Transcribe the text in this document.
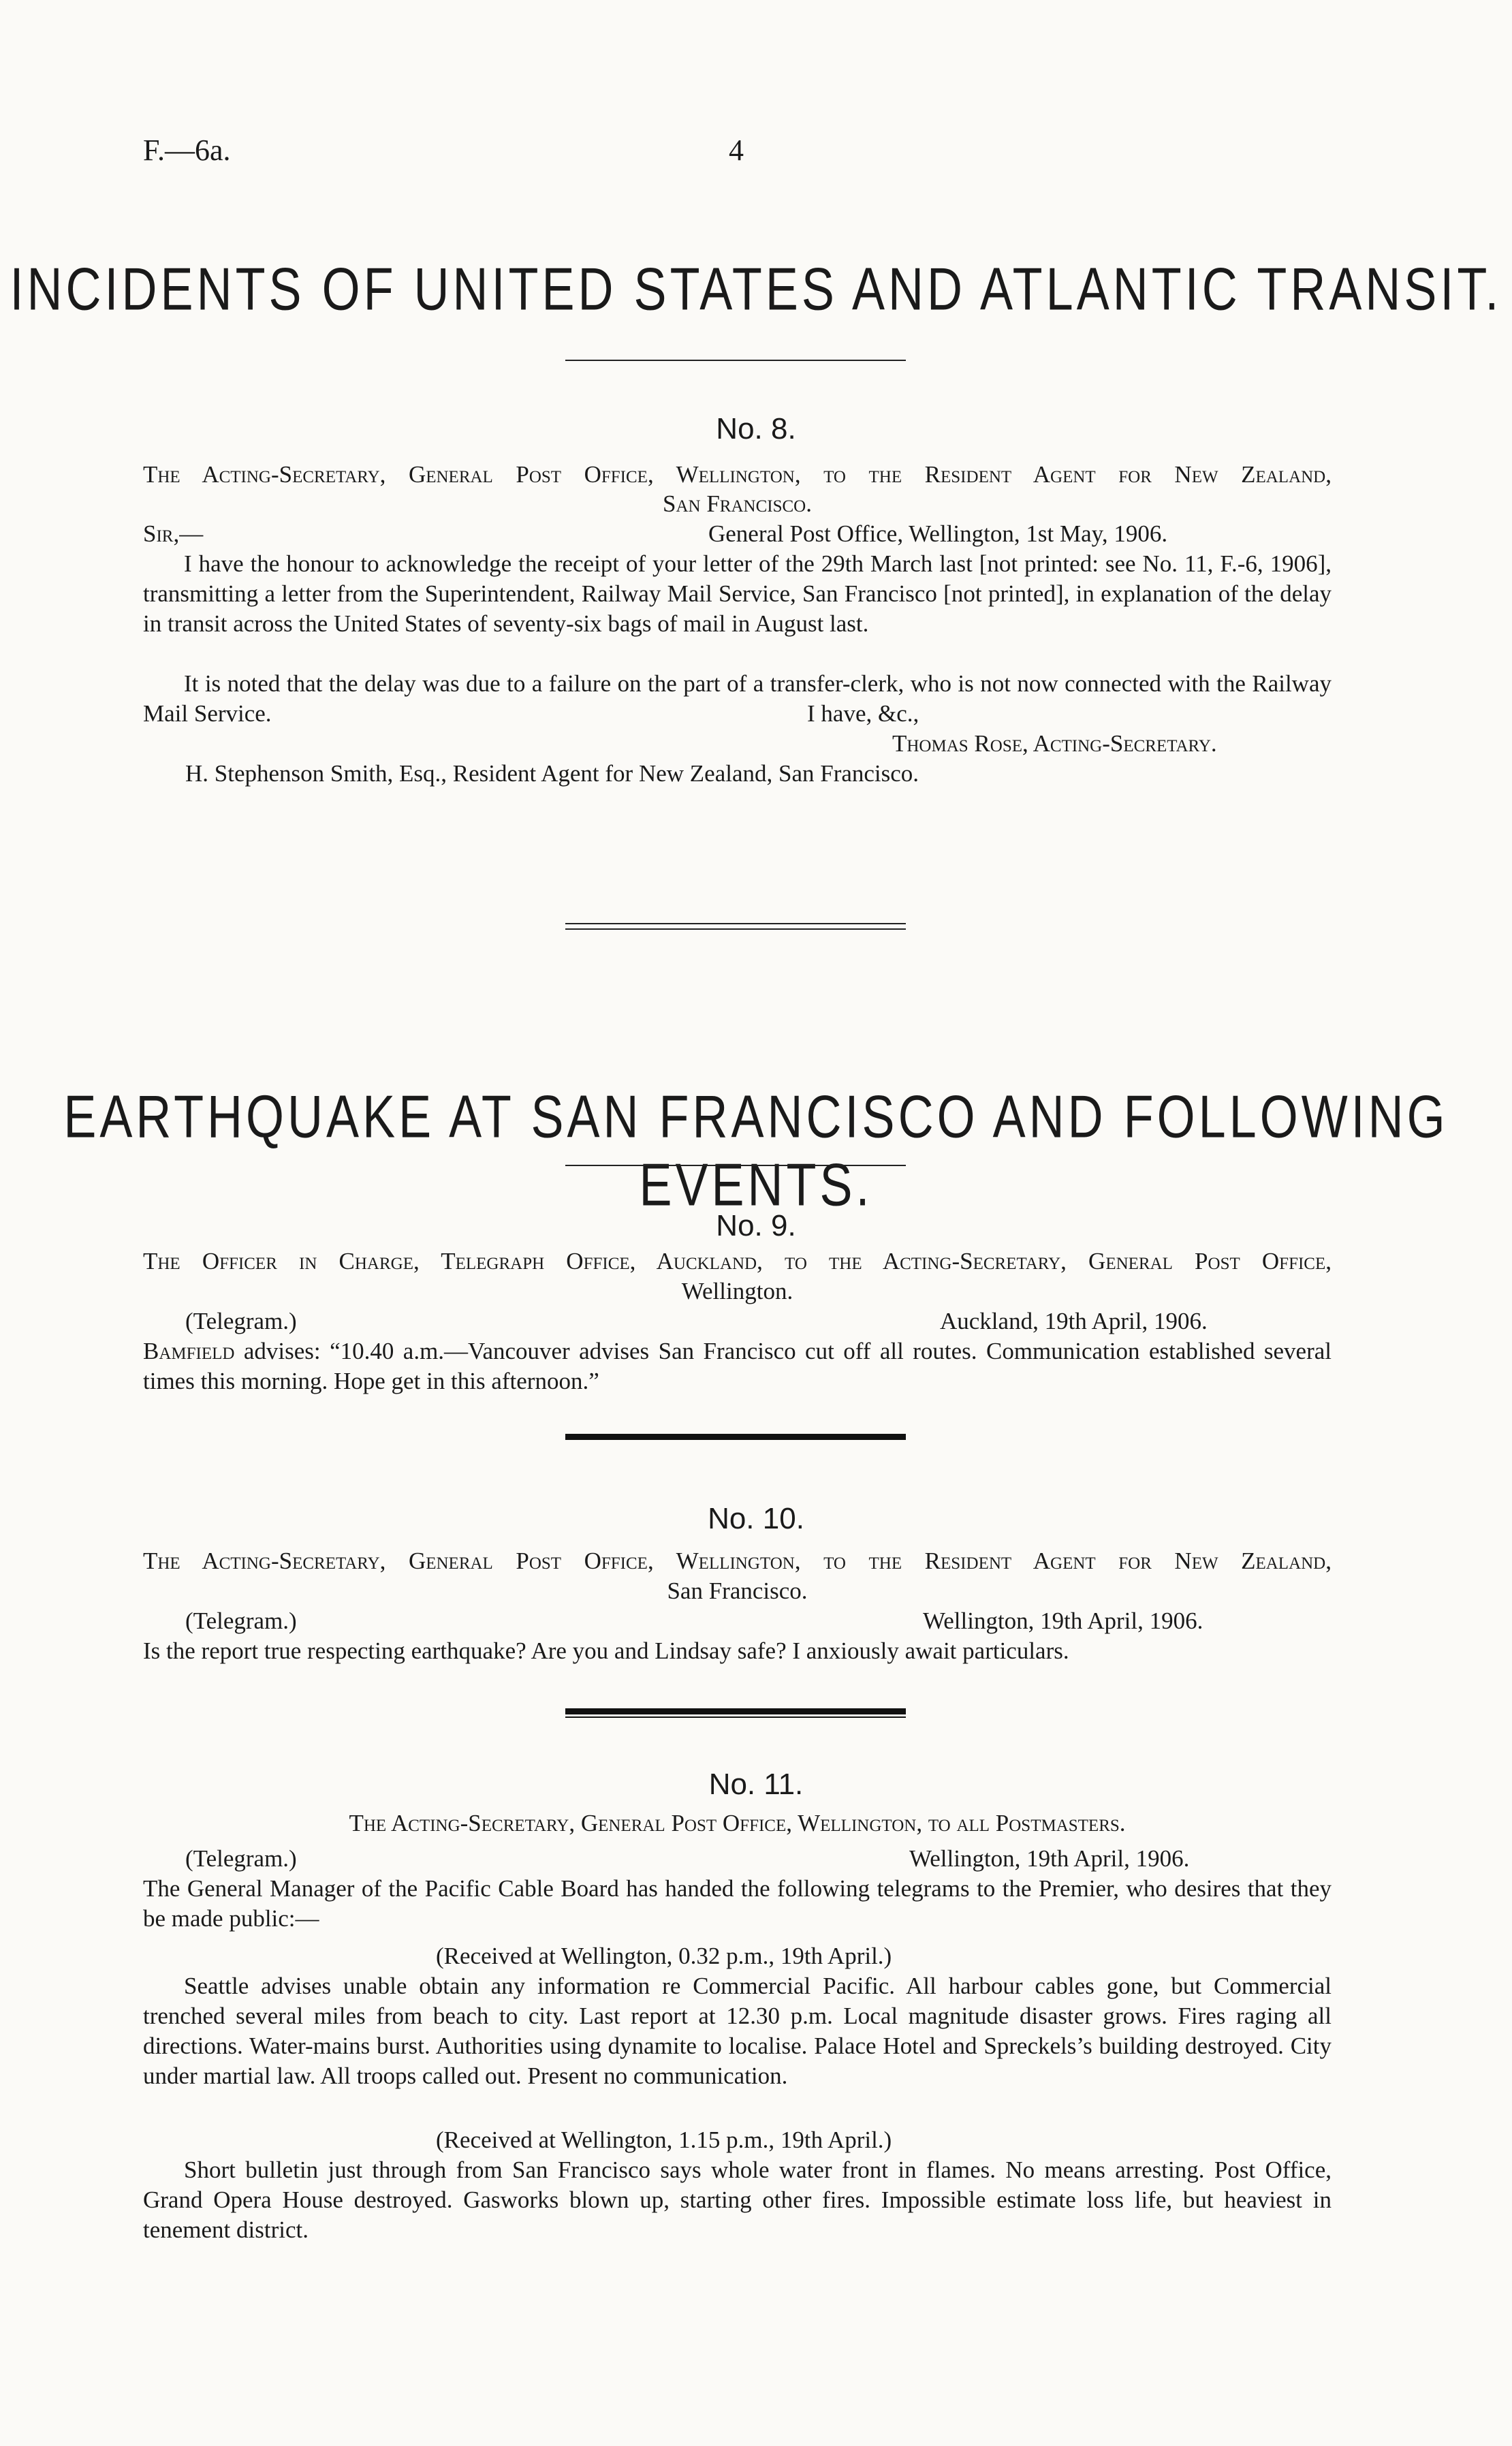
F.—6a.	4
INCIDENTS OF UNITED STATES AND ATLANTIC TRANSIT.
No. 8.
The Acting-Secretary, General Post Office, Wellington, to the Resident Agent for New Zealand,
San Francisco.
Sir,—	General Post Office, Wellington, 1st May, 1906.
I have the honour to acknowledge the receipt of your letter of the 29th March last [not printed: see No. 11, F.-6, 1906], transmitting a letter from the Superintendent, Railway Mail Service, San Francisco [not printed], in explanation of the delay in transit across the United States of seventy-six bags of mail in August last.
It is noted that the delay was due to a failure on the part of a transfer-clerk, who is not now connected with the Railway Mail Service.	I have, &c.,
Thomas Rose, Acting-Secretary.
H. Stephenson Smith, Esq., Resident Agent for New Zealand, San Francisco.
EARTHQUAKE AT SAN FRANCISCO AND FOLLOWING EVENTS.
No. 9.
The Officer in Charge, Telegraph Office, Auckland, to the Acting-Secretary, General Post Office,
Wellington.
(Telegram.)	Auckland, 19th April, 1906.
Bamfield advises: “10.40 a.m.—Vancouver advises San Francisco cut off all routes. Communication established several times this morning. Hope get in this afternoon.”
No. 10.
The Acting-Secretary, General Post Office, Wellington, to the Resident Agent for New Zealand,
San Francisco.
(Telegram.)	Wellington, 19th April, 1906.
Is the report true respecting earthquake? Are you and Lindsay safe? I anxiously await particulars.
No. 11.
The Acting-Secretary, General Post Office, Wellington, to all Postmasters.
(Telegram.)	Wellington, 19th April, 1906.
The General Manager of the Pacific Cable Board has handed the following telegrams to the Premier, who desires that they be made public:—
(Received at Wellington, 0.32 p.m., 19th April.)
Seattle advises unable obtain any information re Commercial Pacific. All harbour cables gone, but Commercial trenched several miles from beach to city. Last report at 12.30 p.m. Local magnitude disaster grows. Fires raging all directions. Water-mains burst. Authorities using dynamite to localise. Palace Hotel and Spreckels’s building destroyed. City under martial law. All troops called out. Present no communication.
(Received at Wellington, 1.15 p.m., 19th April.)
Short bulletin just through from San Francisco says whole water front in flames. No means arresting. Post Office, Grand Opera House destroyed. Gasworks blown up, starting other fires. Impossible estimate loss life, but heaviest in tenement district.
